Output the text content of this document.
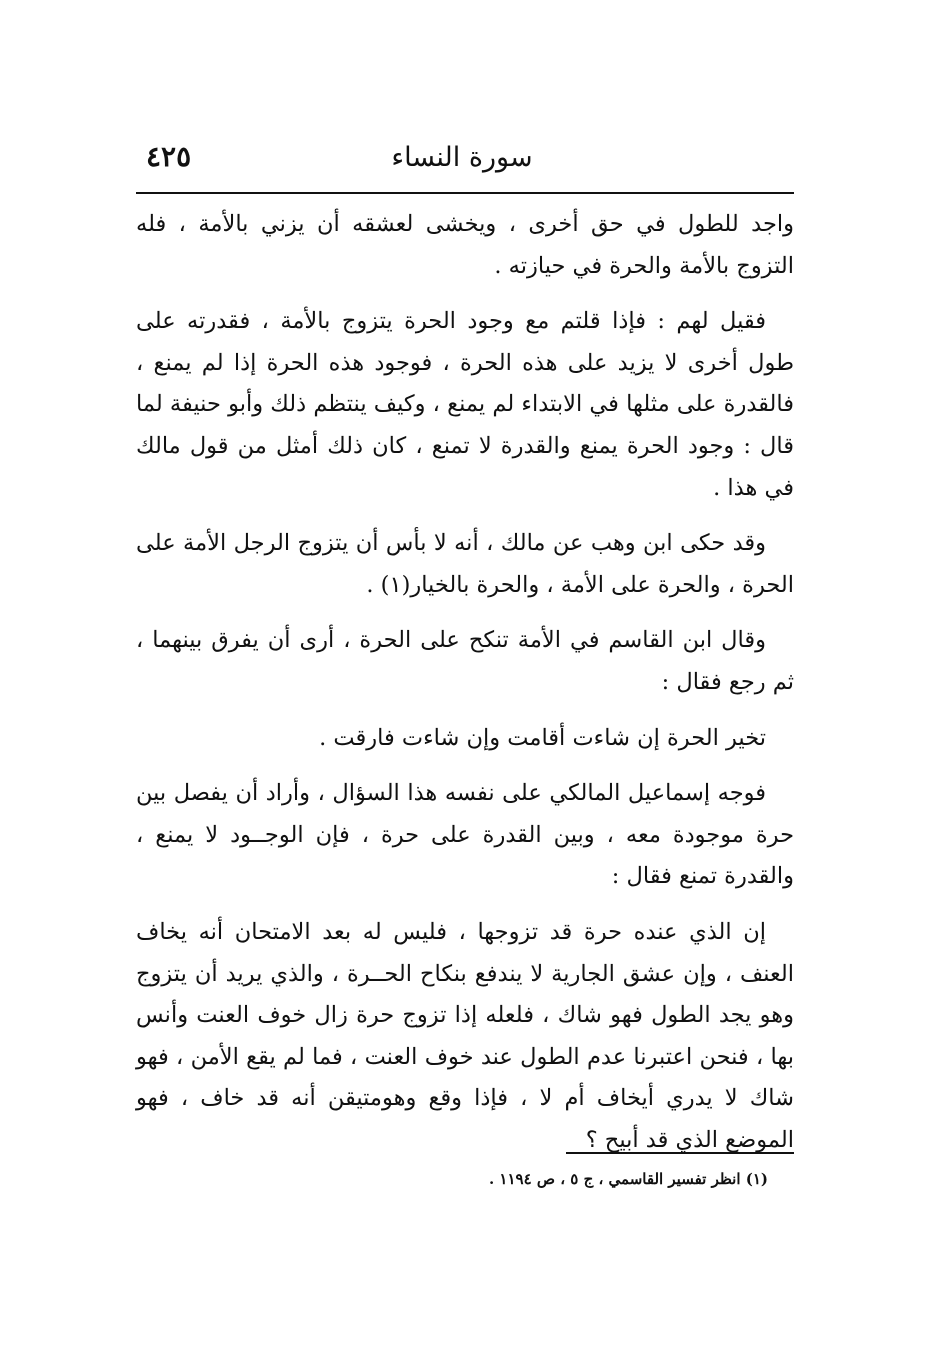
٤٢٥	سورة النساء

واجد للطول في حق أخرى ، ويخشى لعشقه أن يزني بالأمة ، فله التزوج بالأمة والحرة في حيازته .

فقيل لهم : فإذا قلتم مع وجود الحرة يتزوج بالأمة ، فقدرته على طول أخرى لا يزيد على هذه الحرة ، فوجود هذه الحرة إذا لم يمنع ، فالقدرة على مثلها في الابتداء لم يمنع ، وكيف ينتظم ذلك وأبو حنيفة لما قال : وجود الحرة يمنع والقدرة لا تمنع ، كان ذلك أمثل من قول مالك في هذا .

وقد حكى ابن وهب عن مالك ، أنه لا بأس أن يتزوج الرجل الأمة على الحرة ، والحرة على الأمة ، والحرة بالخيار(١) .

وقال ابن القاسم في الأمة تنكح على الحرة ، أرى أن يفرق بينهما ، ثم رجع فقال :

تخير الحرة إن شاءت أقامت وإن شاءت فارقت .

فوجه إسماعيل المالكي على نفسه هذا السؤال ، وأراد أن يفصل بين حرة موجودة معه ، وبين القدرة على حرة ، فإن الوجــود لا يمنع ، والقدرة تمنع فقال :

إن الذي عنده حرة قد تزوجها ، فليس له بعد الامتحان أنه يخاف العنف ، وإن عشق الجارية لا يندفع بنكاح الحــرة ، والذي يريد أن يتزوج وهو يجد الطول فهو شاك ، فلعله إذا تزوج حرة زال خوف العنت وأنس بها ، فنحن اعتبرنا عدم الطول عند خوف العنت ، فما لم يقع الأمن ، فهو شاك لا يدري أيخاف أم لا ، فإذا وقع وهومتيقن أنه قد خاف ، فهو الموضع الذي قد أبيح ؟

(١) انظر تفسير القاسمي ، ج ٥ ، ص ١١٩٤ .
